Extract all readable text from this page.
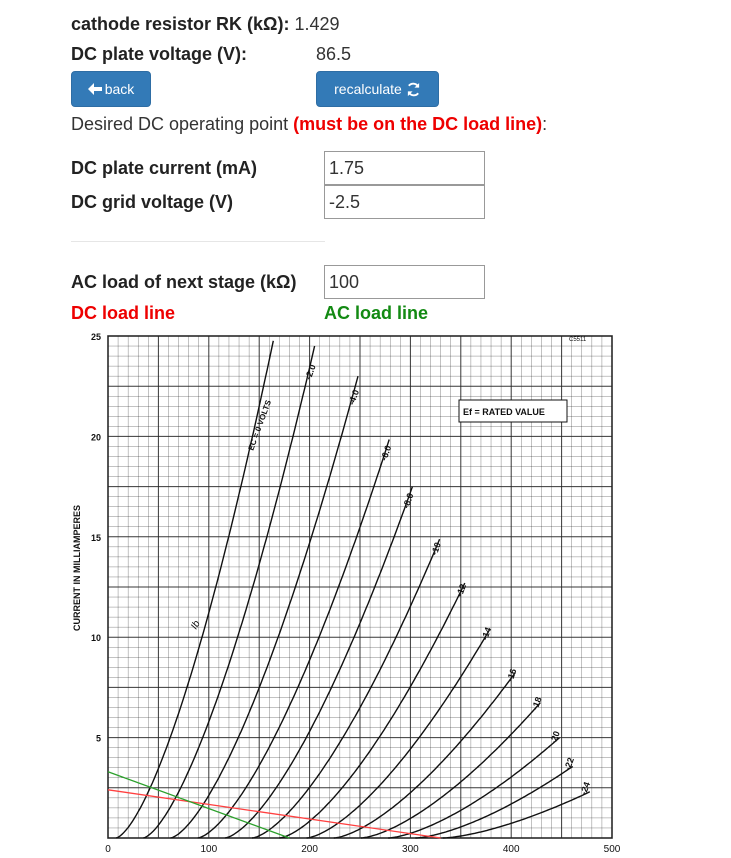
cathode resistor RK (kΩ): 1.429
DC plate voltage (V):	86.5
back	recalculate
Desired DC operating point (must be on the DC load line):
DC plate current (mA)
1.75
DC grid voltage (V)
-2.5
AC load of next stage (kΩ)
100
DC load line	AC load line
0	100	200	300	400	500
5
10
15
20
25
EC = 0 VOLTS
-2.0
-4.0
-6.0
-8.0
-10
-12
-14
-16
-18
-20
-22
-24
CURRENT IN MILLIAMPERES
Ef = RATED VALUE
C5511
Ib
